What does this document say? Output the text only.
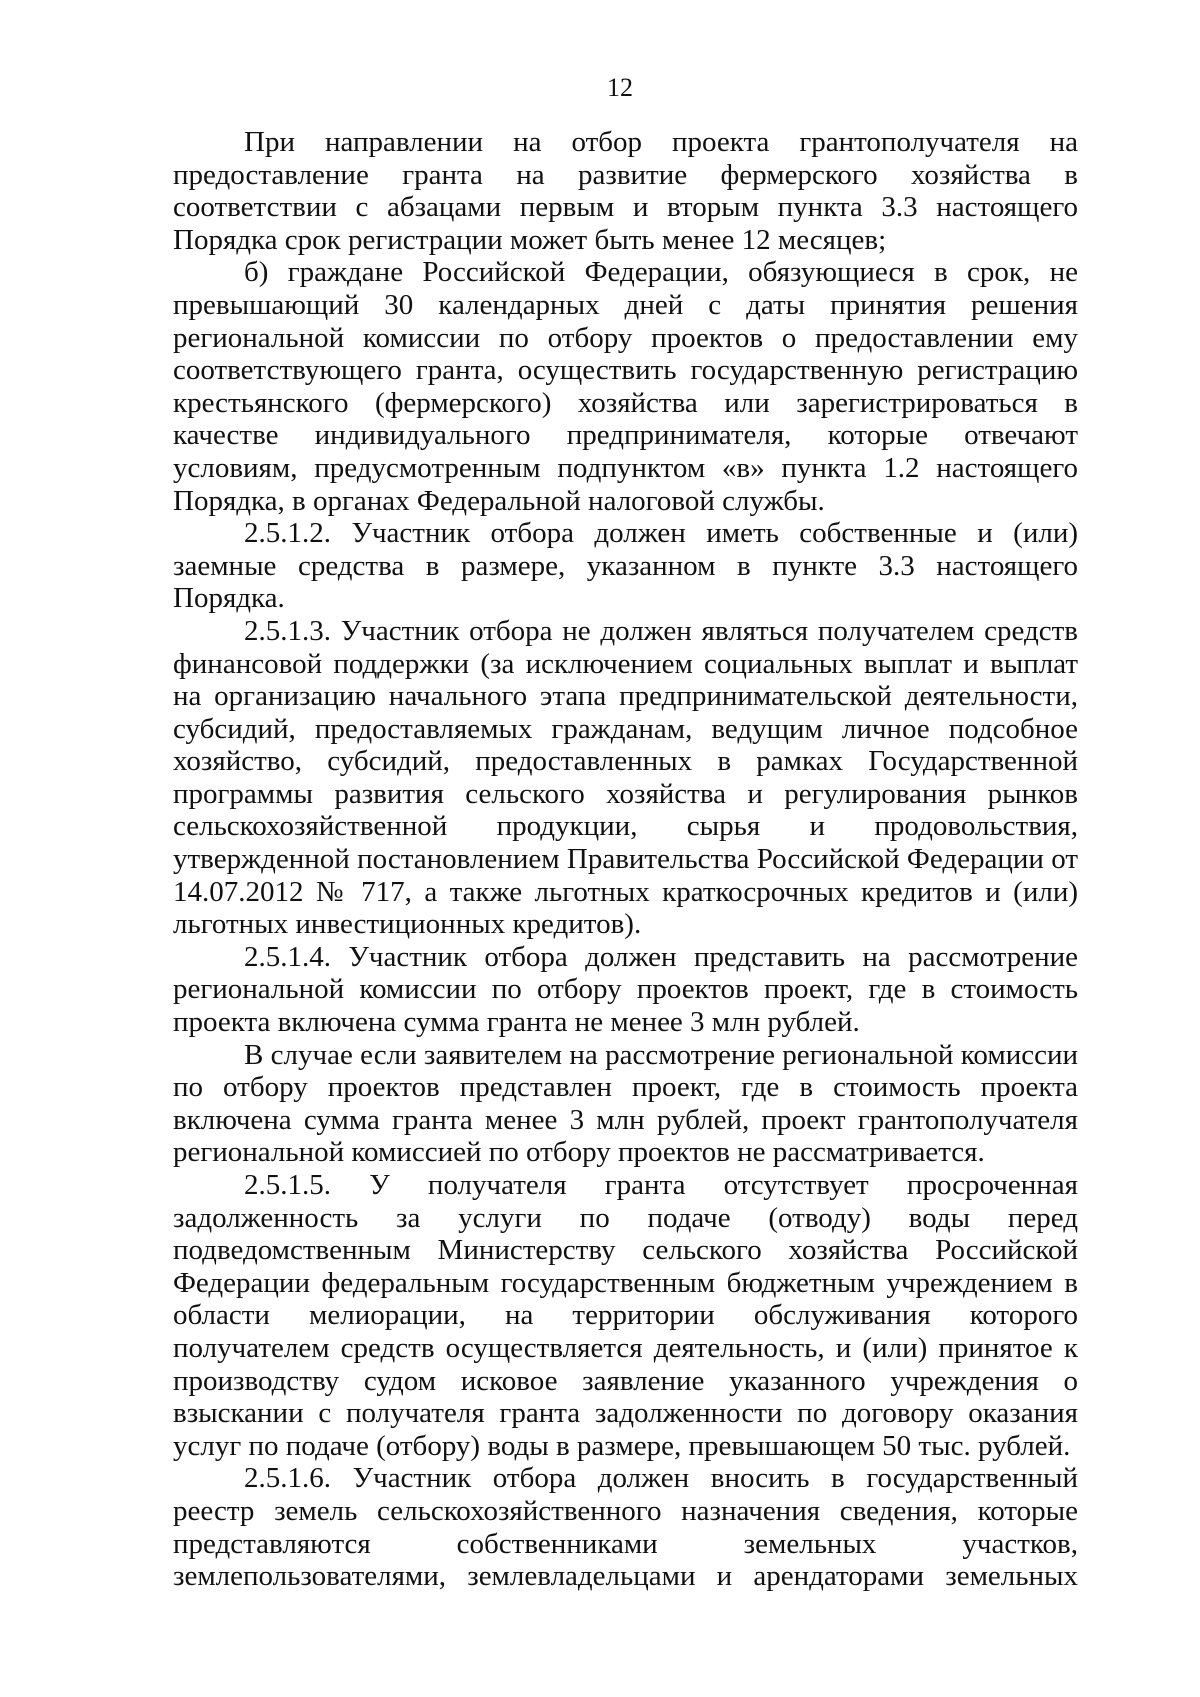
12

При направлении на отбор проекта грантополучателя на предоставление гранта на развитие фермерского хозяйства в соответствии с абзацами первым и вторым пункта 3.3 настоящего Порядка срок регистрации может быть менее 12 месяцев;

б) граждане Российской Федерации, обязующиеся в срок, не превышающий 30 календарных дней с даты принятия решения региональной комиссии по отбору проектов о предоставлении ему соответствующего гранта, осуществить государственную регистрацию крестьянского (фермерского) хозяйства или зарегистрироваться в качестве индивидуального предпринимателя, которые отвечают условиям, предусмотренным подпунктом «в» пункта 1.2 настоящего Порядка, в органах Федеральной налоговой службы.

2.5.1.2. Участник отбора должен иметь собственные и (или) заемные средства в размере, указанном в пункте 3.3 настоящего Порядка.

2.5.1.3. Участник отбора не должен являться получателем средств финансовой поддержки (за исключением социальных выплат и выплат на организацию начального этапа предпринимательской деятельности, субсидий, предоставляемых гражданам, ведущим личное подсобное хозяйство, субсидий, предоставленных в рамках Государственной программы развития сельского хозяйства и регулирования рынков сельскохозяйственной продукции, сырья и продовольствия, утвержденной постановлением Правительства Российской Федерации от 14.07.2012 № 717, а также льготных краткосрочных кредитов и (или) льготных инвестиционных кредитов).

2.5.1.4. Участник отбора должен представить на рассмотрение региональной комиссии по отбору проектов проект, где в стоимость проекта включена сумма гранта не менее 3 млн рублей.

В случае если заявителем на рассмотрение региональной комиссии по отбору проектов представлен проект, где в стоимость проекта включена сумма гранта менее 3 млн рублей, проект грантополучателя региональной комиссией по отбору проектов не рассматривается.

2.5.1.5. У получателя гранта отсутствует просроченная задолженность за услуги по подаче (отводу) воды перед подведомственным Министерству сельского хозяйства Российской Федерации федеральным государственным бюджетным учреждением в области мелиорации, на территории обслуживания которого получателем средств осуществляется деятельность, и (или) принятое к производству судом исковое заявление указанного учреждения о взыскании с получателя гранта задолженности по договору оказания услуг по подаче (отбору) воды в размере, превышающем 50 тыс. рублей.

2.5.1.6. Участник отбора должен вносить в государственный реестр земель сельскохозяйственного назначения сведения, которые представляются собственниками земельных участков, землепользователями, землевладельцами и арендаторами земельных
